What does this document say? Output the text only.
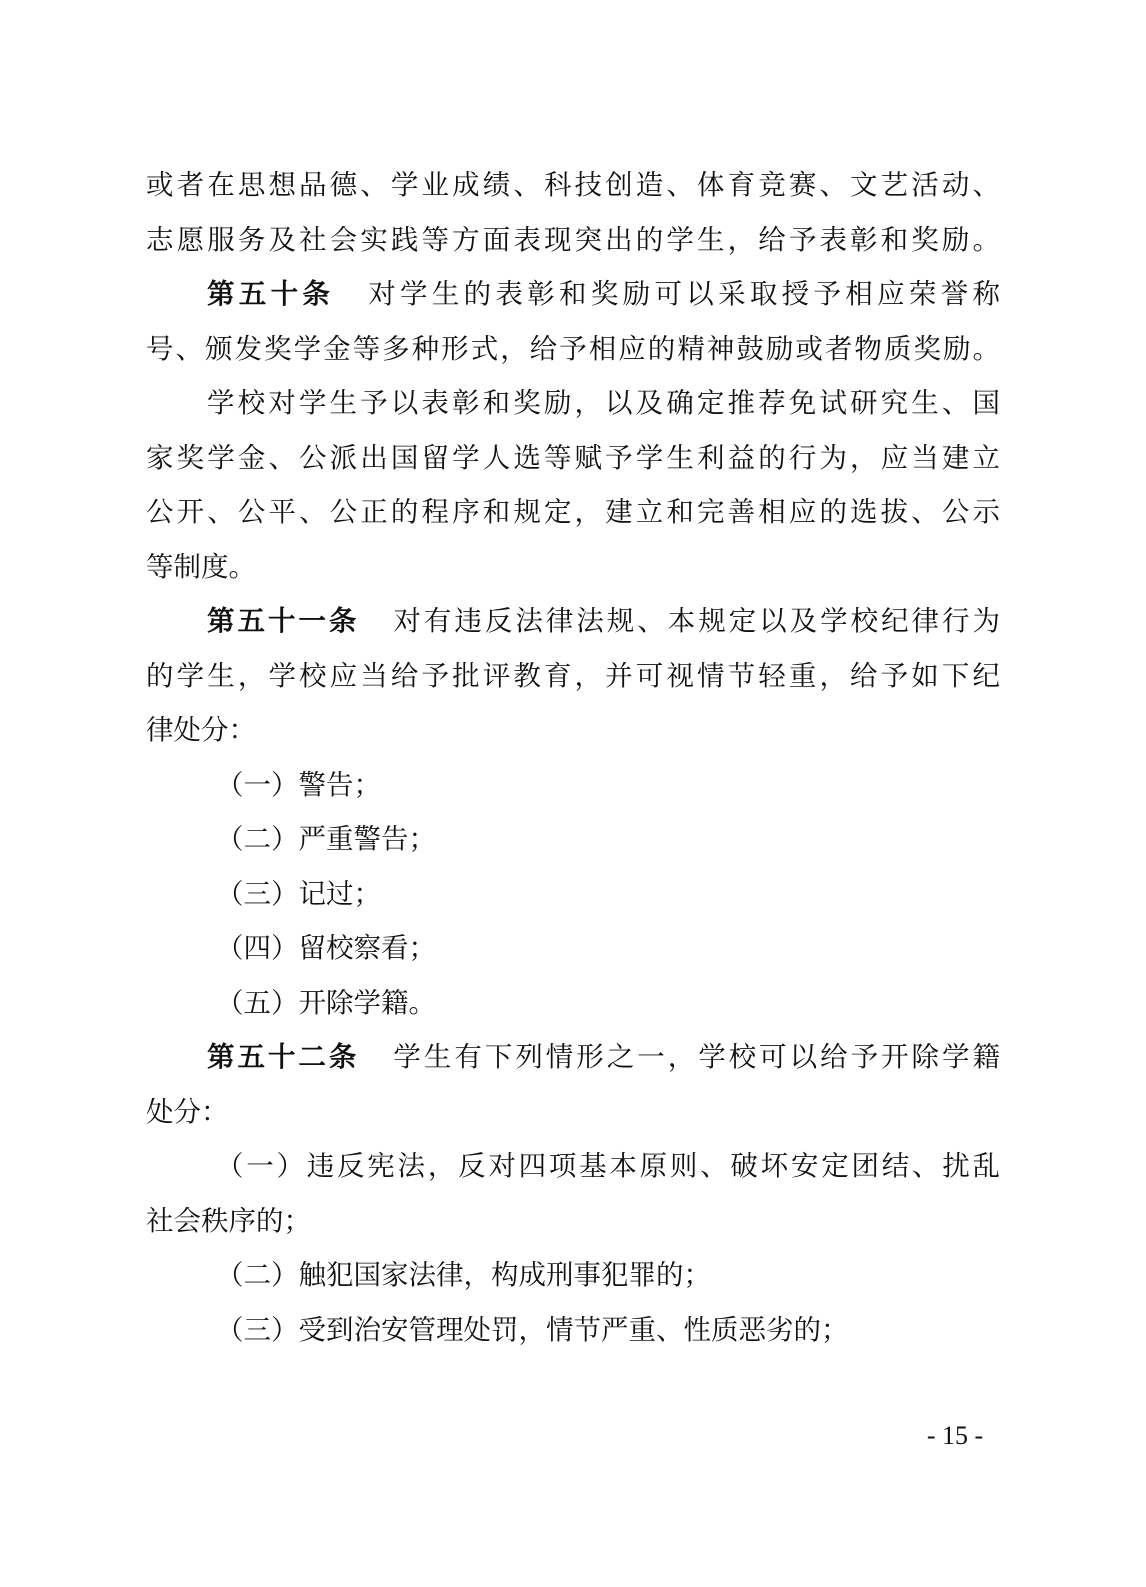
或者在思想品德、学业成绩、科技创造、体育竞赛、文艺活动、
志愿服务及社会实践等方面表现突出的学生，给予表彰和奖励。
第五十条 对学生的表彰和奖励可以采取授予相应荣誉称
号、颁发奖学金等多种形式，给予相应的精神鼓励或者物质奖励。
学校对学生予以表彰和奖励，以及确定推荐免试研究生、国
家奖学金、公派出国留学人选等赋予学生利益的行为，应当建立
公开、公平、公正的程序和规定，建立和完善相应的选拔、公示
等制度。
第五十一条 对有违反法律法规、本规定以及学校纪律行为
的学生，学校应当给予批评教育，并可视情节轻重，给予如下纪
律处分：
（一）警告；
（二）严重警告；
（三）记过；
（四）留校察看；
（五）开除学籍。
第五十二条 学生有下列情形之一，学校可以给予开除学籍
处分：
（一）违反宪法，反对四项基本原则、破坏安定团结、扰乱
社会秩序的；
（二）触犯国家法律，构成刑事犯罪的；
（三）受到治安管理处罚，情节严重、性质恶劣的；
- 15 -
